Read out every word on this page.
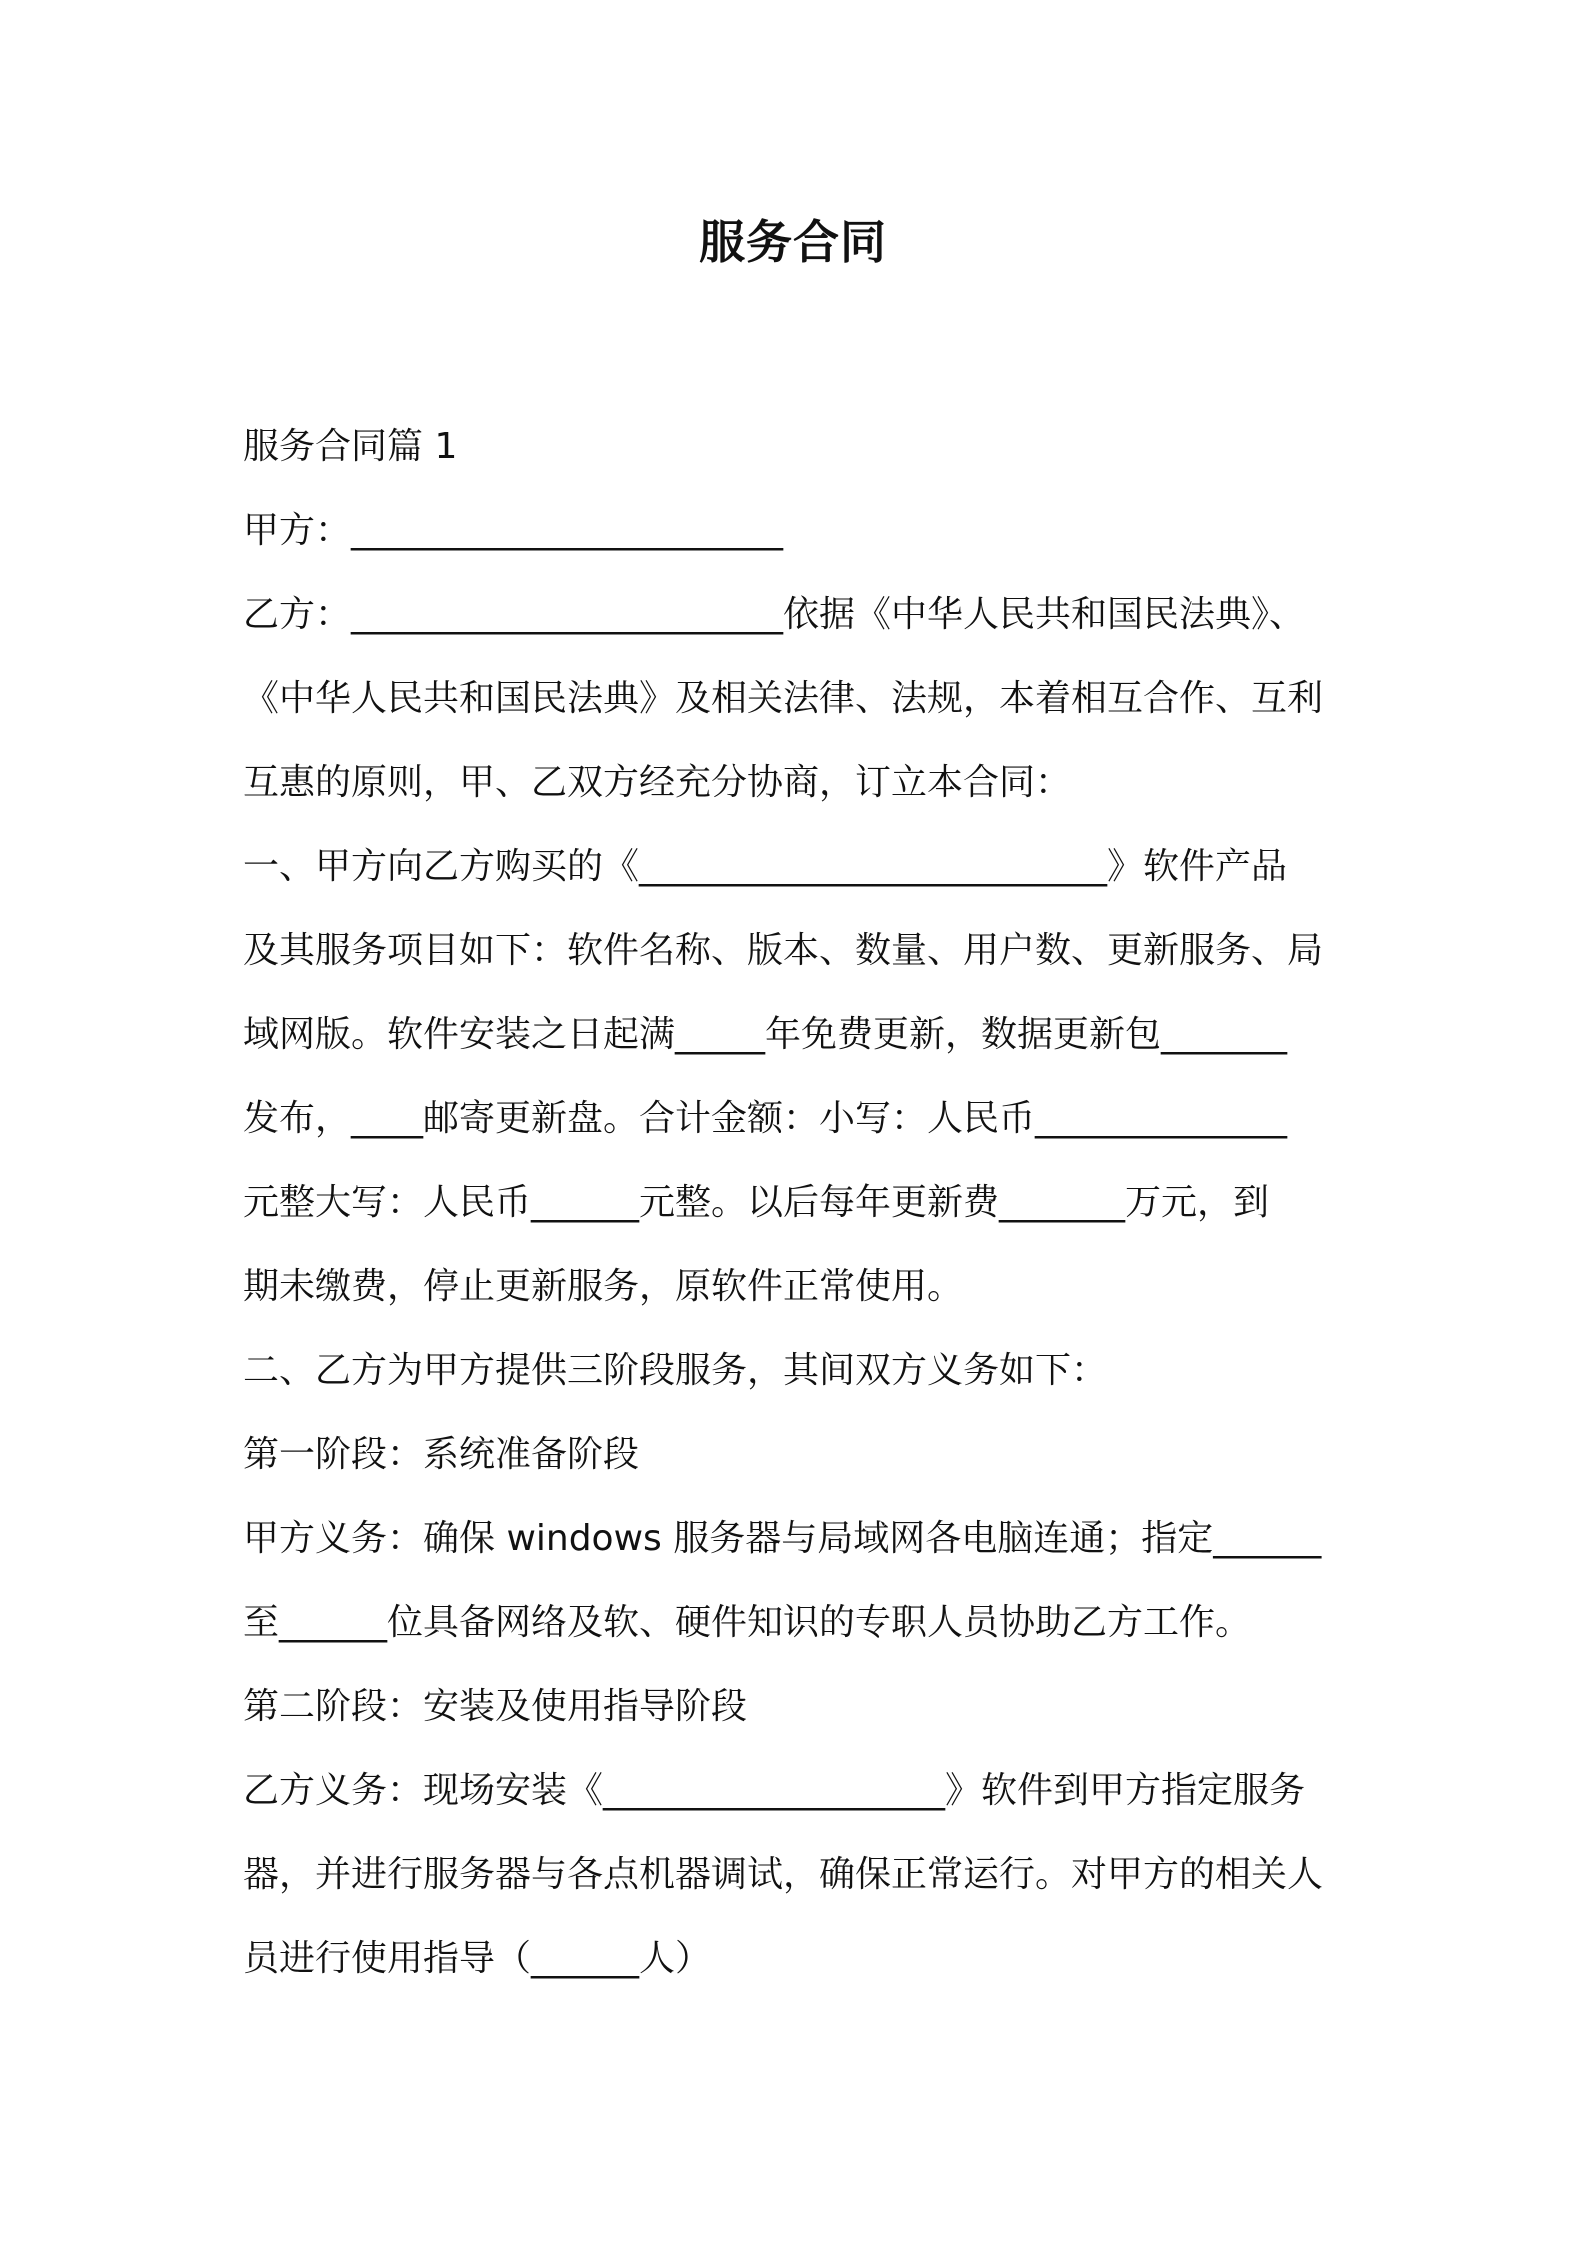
服务合同
服务合同篇 1
甲方：________________________
乙方：________________________依据《中华人民共和国民法典》、
《中华人民共和国民法典》及相关法律、法规，本着相互合作、互利
互惠的原则，甲、乙双方经充分协商，订立本合同：
一、甲方向乙方购买的《__________________________》软件产品
及其服务项目如下：软件名称、版本、数量、用户数、更新服务、局
域网版。软件安装之日起满_____年免费更新，数据更新包_______
发布，____邮寄更新盘。合计金额：小写：人民币______________
元整大写：人民币______元整。以后每年更新费_______万元，到
期未缴费，停止更新服务，原软件正常使用。
二、乙方为甲方提供三阶段服务，其间双方义务如下：
第一阶段：系统准备阶段
甲方义务：确保 windows 服务器与局域网各电脑连通；指定______
至______位具备网络及软、硬件知识的专职人员协助乙方工作。
第二阶段：安装及使用指导阶段
乙方义务：现场安装《___________________》软件到甲方指定服务
器，并进行服务器与各点机器调试，确保正常运行。对甲方的相关人
员进行使用指导（______人）
